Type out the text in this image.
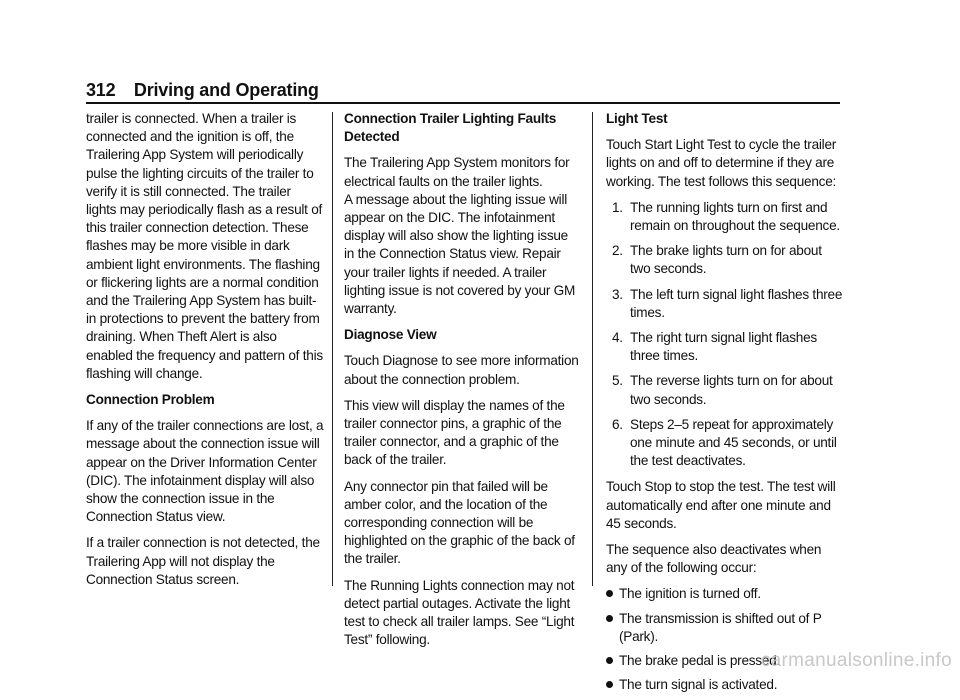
312 Driving and Operating

trailer is connected. When a trailer is connected and the ignition is off, the Trailering App System will periodically pulse the lighting circuits of the trailer to verify it is still connected. The trailer lights may periodically flash as a result of this trailer connection detection. These flashes may be more visible in dark ambient light environments. The flashing or flickering lights are a normal condition and the Trailering App System has built-in protections to prevent the battery from draining. When Theft Alert is also enabled the frequency and pattern of this flashing will change.

Connection Problem

If any of the trailer connections are lost, a message about the connection issue will appear on the Driver Information Center (DIC). The infotainment display will also show the connection issue in the Connection Status view.

If a trailer connection is not detected, the Trailering App will not display the Connection Status screen.

Connection Trailer Lighting Faults Detected

The Trailering App System monitors for electrical faults on the trailer lights.

A message about the lighting issue will appear on the DIC. The infotainment display will also show the lighting issue in the Connection Status view. Repair your trailer lights if needed. A trailer lighting issue is not covered by your GM warranty.

Diagnose View

Touch Diagnose to see more information about the connection problem.

This view will display the names of the trailer connector pins, a graphic of the trailer connector, and a graphic of the back of the trailer.

Any connector pin that failed will be amber color, and the location of the corresponding connection will be highlighted on the graphic of the back of the trailer.

The Running Lights connection may not detect partial outages. Activate the light test to check all trailer lamps. See “Light Test” following.

Light Test

Touch Start Light Test to cycle the trailer lights on and off to determine if they are working. The test follows this sequence:

1. The running lights turn on first and remain on throughout the sequence.
2. The brake lights turn on for about two seconds.
3. The left turn signal light flashes three times.
4. The right turn signal light flashes three times.
5. The reverse lights turn on for about two seconds.
6. Steps 2–5 repeat for approximately one minute and 45 seconds, or until the test deactivates.

Touch Stop to stop the test. The test will automatically end after one minute and 45 seconds.

The sequence also deactivates when any of the following occur:

The ignition is turned off.
The transmission is shifted out of P (Park).
The brake pedal is pressed.
The turn signal is activated.
carmanualsonline.info
